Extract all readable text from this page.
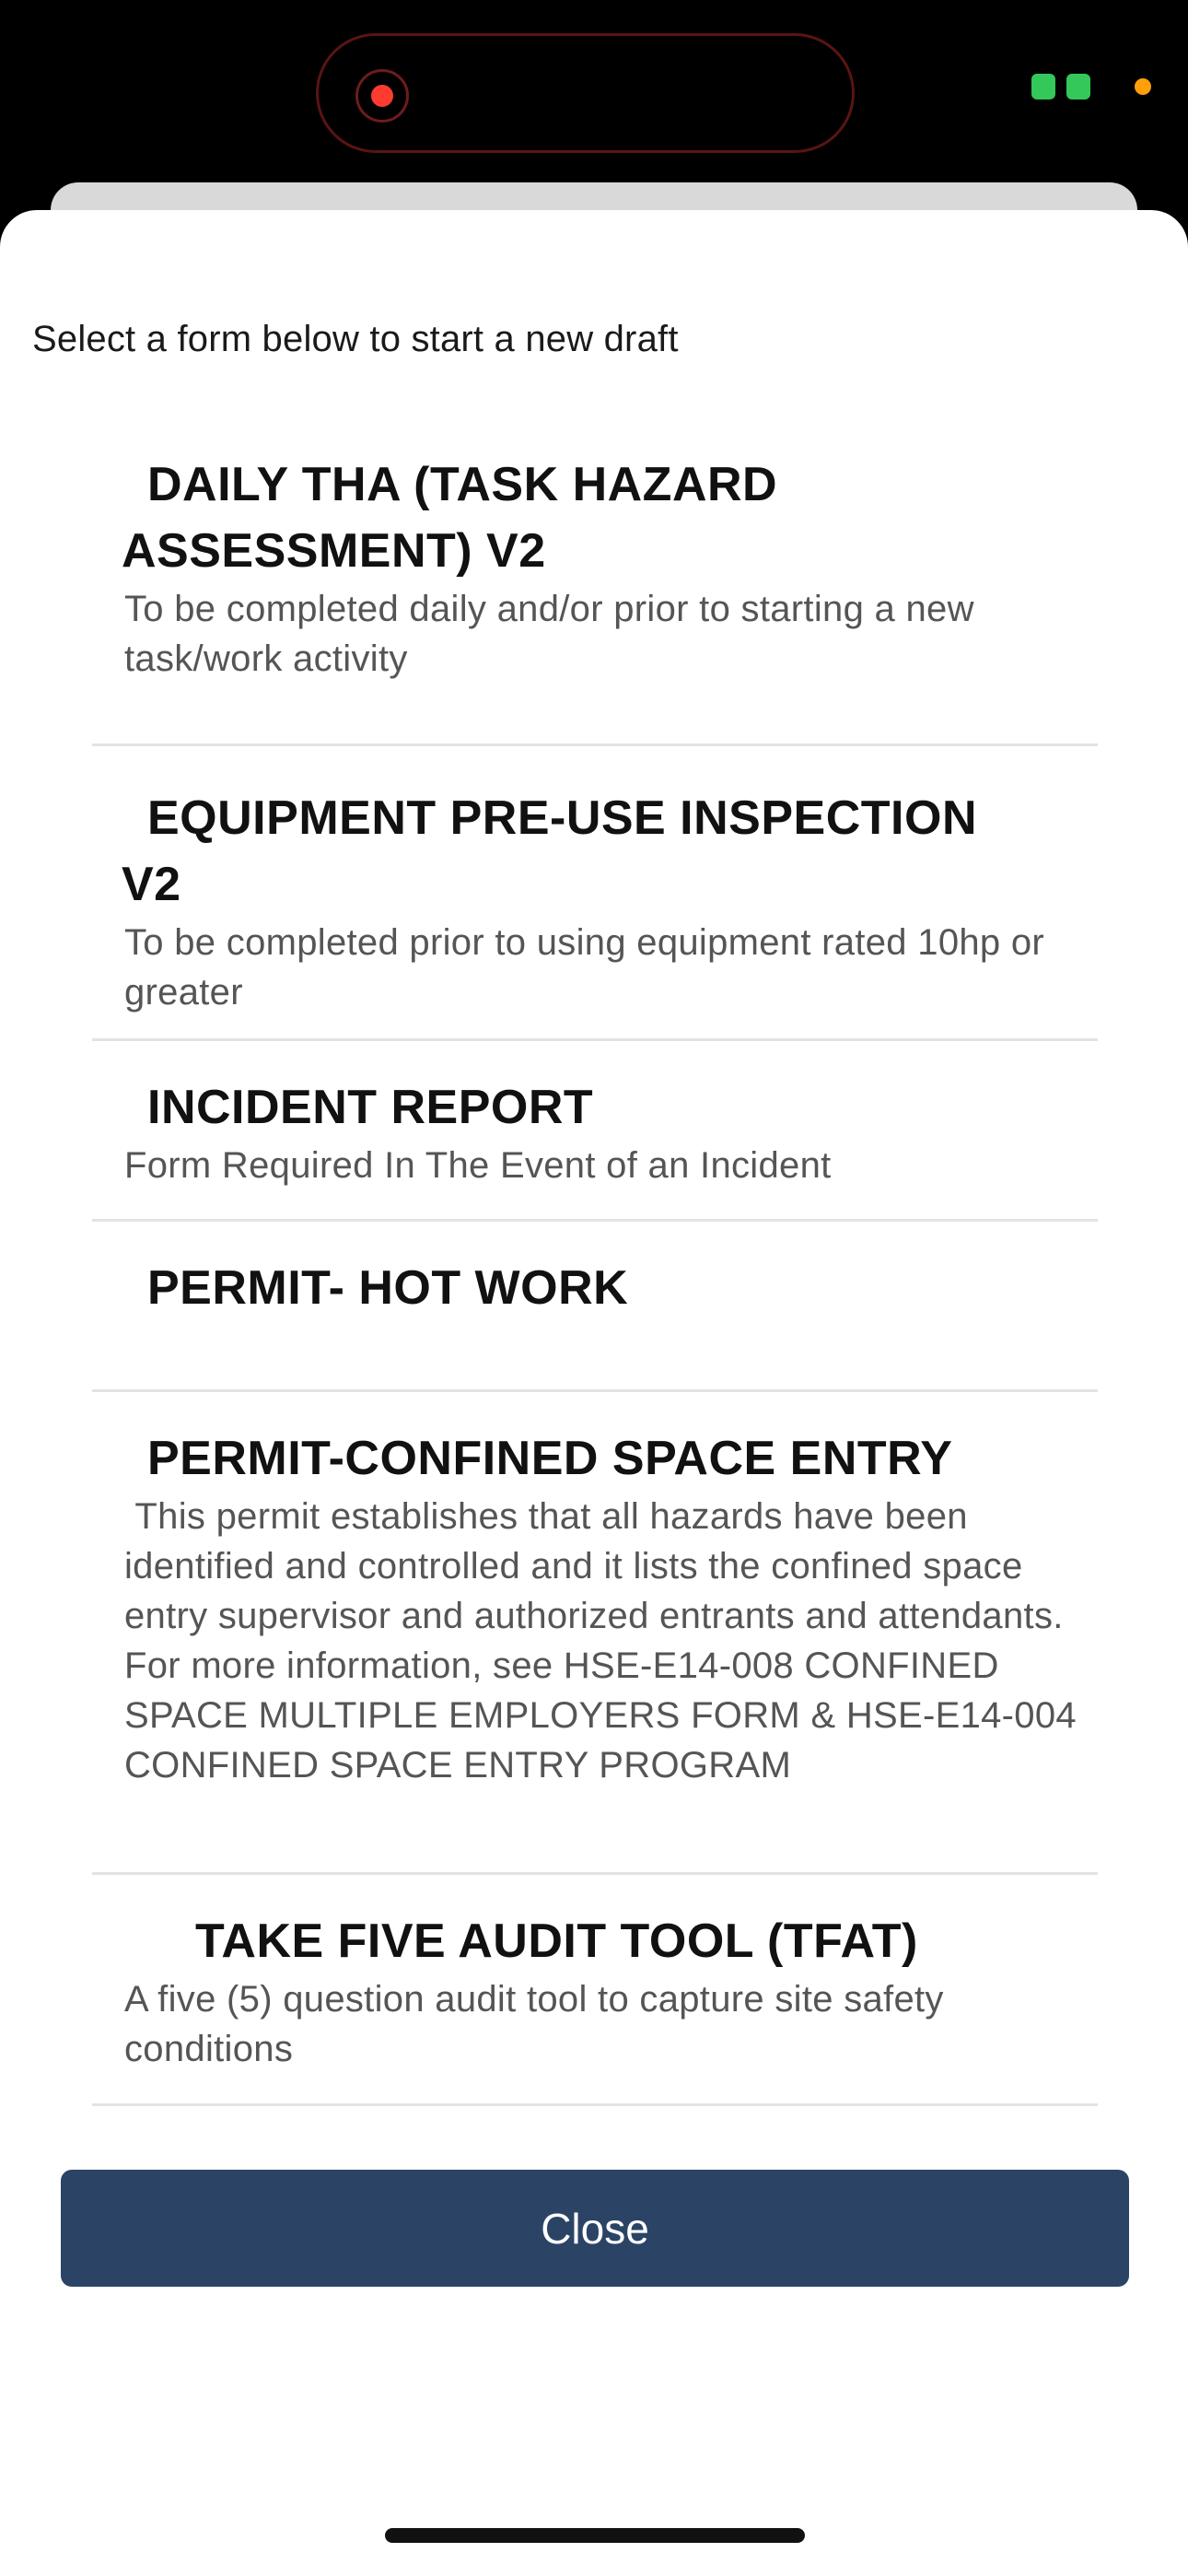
Select a form below to start a new draft
DAILY THA (TASK HAZARD
ASSESSMENT) V2
To be completed daily and/or prior to starting a new task/work activity
EQUIPMENT PRE-USE INSPECTION
V2
To be completed prior to using equipment rated 10hp or greater
INCIDENT REPORT
Form Required In The Event of an Incident
PERMIT- HOT WORK
PERMIT-CONFINED SPACE ENTRY
This permit establishes that all hazards have been identified and controlled and it lists the confined space entry supervisor and authorized entrants and attendants. For more information, see HSE-E14-008 CONFINED SPACE MULTIPLE EMPLOYERS FORM & HSE-E14-004 CONFINED SPACE ENTRY PROGRAM
TAKE FIVE AUDIT TOOL (TFAT)
A five (5) question audit tool to capture site safety conditions
Close
